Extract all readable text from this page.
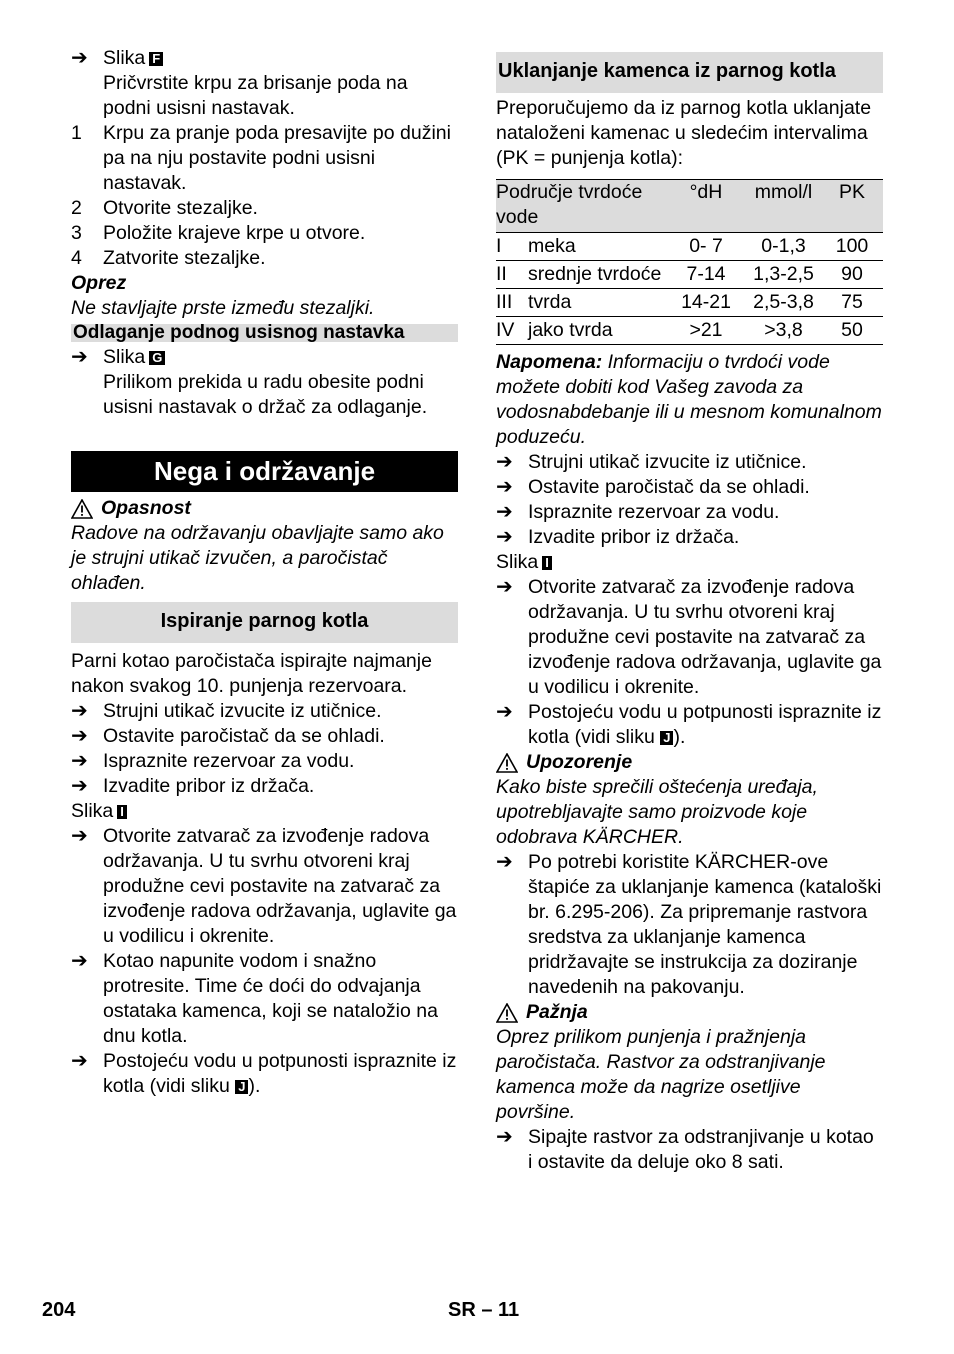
➔ Slika F
Pričvrstite krpu za brisanje poda na podni usisni nastavak.
1	Krpu za pranje poda presavijte po dužini pa na nju postavite podni usisni nastavak.
2	Otvorite stezaljke.
3	Položite krajeve krpe u otvore.
4	Zatvorite stezaljke.

Oprez

Ne stavljajte prste između stezaljki.

Odlaganje podnog usisnog nastavka
➔ Slika G
Prilikom prekida u radu obesite podni usisni nastavak o držač za odlaganje.
Nega i održavanje
Opasnost

Radove na održavanju obavljajte samo ako je strujni utikač izvučen, a paročistač ohlađen.

Ispiranje parnog kotla

Parni kotao paročistača ispirajte najmanje nakon svakog 10. punjenja rezervoara.

➔ Strujni utikač izvucite iz utičnice.
➔ Ostavite paročistač da se ohladi.
➔ Ispraznite rezervoar za vodu.
➔ Izvadite pribor iz držača.

Slika I

➔ Otvorite zatvarač za izvođenje radova održavanja. U tu svrhu otvoreni kraj produžne cevi postavite na zatvarač za izvođenje radova održavanja, uglavite ga u vodilicu i okrenite.
➔ Kotao napunite vodom i snažno protresite. Time će doći do odvajanja ostataka kamenca, koji se nataložio na dnu kotla.
➔ Postojeću vodu u potpunosti ispraznite iz kotla (vidi sliku J ).
Uklanjanje kamenca iz parnog kotla

Preporučujemo da iz parnog kotla uklanjate nataloženi kamenac u sledećim intervalima (PK = punjenja kotla):

Područje tvrdoće vode		°dH	mmol/l	PK
I	meka	0- 7	0-1,3	100
II	srednje tvrdoće	7-14	1,3-2,5	90
III	tvrda	14-21	2,5-3,8	75
IV	jako tvrda	>21	>3,8	50

Napomena: Informaciju o tvrdoći vode možete dobiti kod Vašeg zavoda za vodosnabdebanje ili u mesnom komunalnom poduzeću.

➔ Strujni utikač izvucite iz utičnice.
➔ Ostavite paročistač da se ohladi.
➔ Ispraznite rezervoar za vodu.
➔ Izvadite pribor iz držača.

Slika I

➔ Otvorite zatvarač za izvođenje radova održavanja. U tu svrhu otvoreni kraj produžne cevi postavite na zatvarač za izvođenje radova održavanja, uglavite ga u vodilicu i okrenite.
➔ Postojeću vodu u potpunosti ispraznite iz kotla (vidi sliku J ).
Upozorenje

Kako biste sprečili oštećenja uređaja, upotrebljavajte samo proizvode koje odobrava KÄRCHER.

➔ Po potrebi koristite KÄRCHER-ove štapiće za uklanjanje kamenca (kataloški br. 6.295-206). Za pripremanje rastvora sredstva za uklanjanje kamenca pridržavajte se instrukcija za doziranje navedenih na pakovanju.
Pažnja

Oprez prilikom punjenja i pražnjenja paročistača. Rastvor za odstranjivanje kamenca može da nagrize osetljive površine.

➔ Sipajte rastvor za odstranjivanje u kotao i ostavite da deluje oko 8 sati.
204	SR – 11
